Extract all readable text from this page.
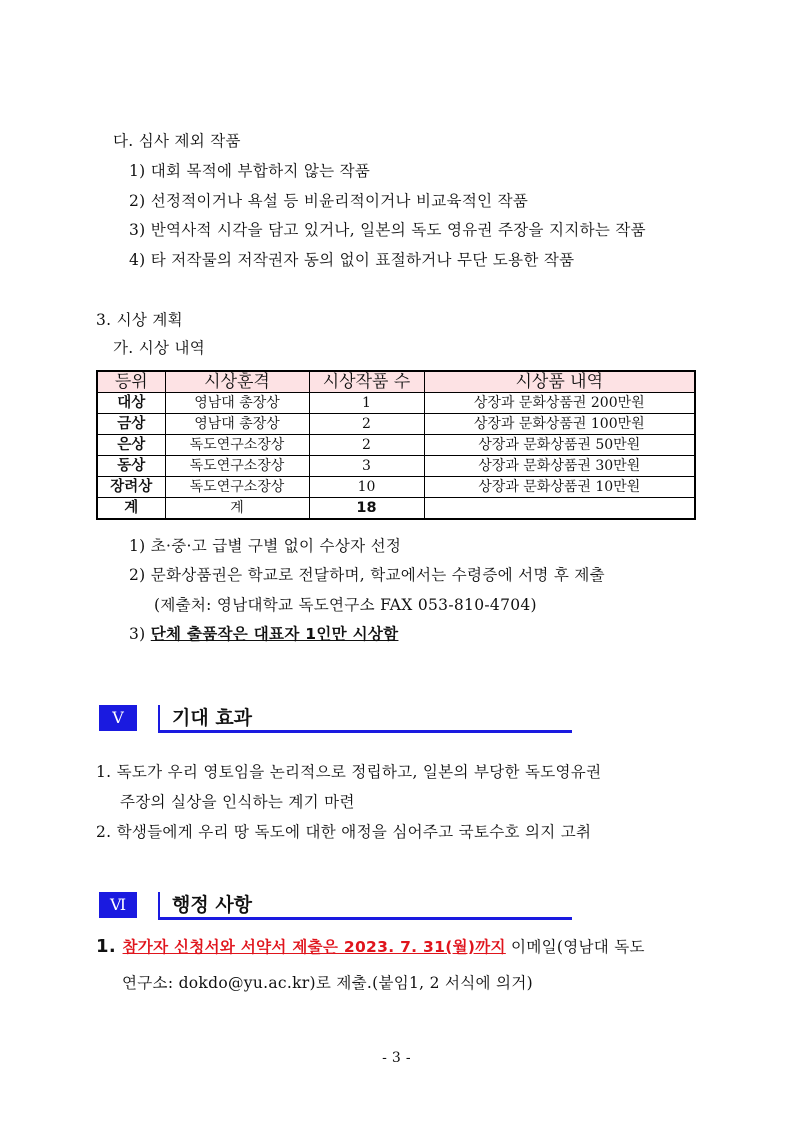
다. 심사 제외 작품
1) 대회 목적에 부합하지 않는 작품
2) 선정적이거나 욕설 등 비윤리적이거나 비교육적인 작품
3) 반역사적 시각을 담고 있거나, 일본의 독도 영유권 주장을 지지하는 작품
4) 타 저작물의 저작권자 동의 없이 표절하거나 무단 도용한 작품
3. 시상 계획
가. 시상 내역
등위	시상훈격	시상작품 수	시상품 내역
대상	영남대 총장상	1	상장과 문화상품권 200만원
금상	영남대 총장상	2	상장과 문화상품권 100만원
은상	독도연구소장상	2	상장과 문화상품권 50만원
동상	독도연구소장상	3	상장과 문화상품권 30만원
장려상	독도연구소장상	10	상장과 문화상품권 10만원
계	계	18	
1) 초·중·고 급별 구별 없이 수상자 선정
2) 문화상품권은 학교로 전달하며, 학교에서는 수령증에 서명 후 제출
(제출처: 영남대학교 독도연구소 FAX 053-810-4704)
3) 단체 출품작은 대표자 1인만 시상함
Ⅴ	기대 효과
1. 독도가 우리 영토임을 논리적으로 정립하고, 일본의 부당한 독도영유권
주장의 실상을 인식하는 계기 마련
2. 학생들에게 우리 땅 독도에 대한 애정을 심어주고 국토수호 의지 고취
Ⅵ	행정 사항
1. 참가자 신청서와 서약서 제출은 2023. 7. 31(월)까지 이메일(영남대 독도
연구소: dokdo@yu.ac.kr)로 제출.(붙임1, 2 서식에 의거)
- 3 -
